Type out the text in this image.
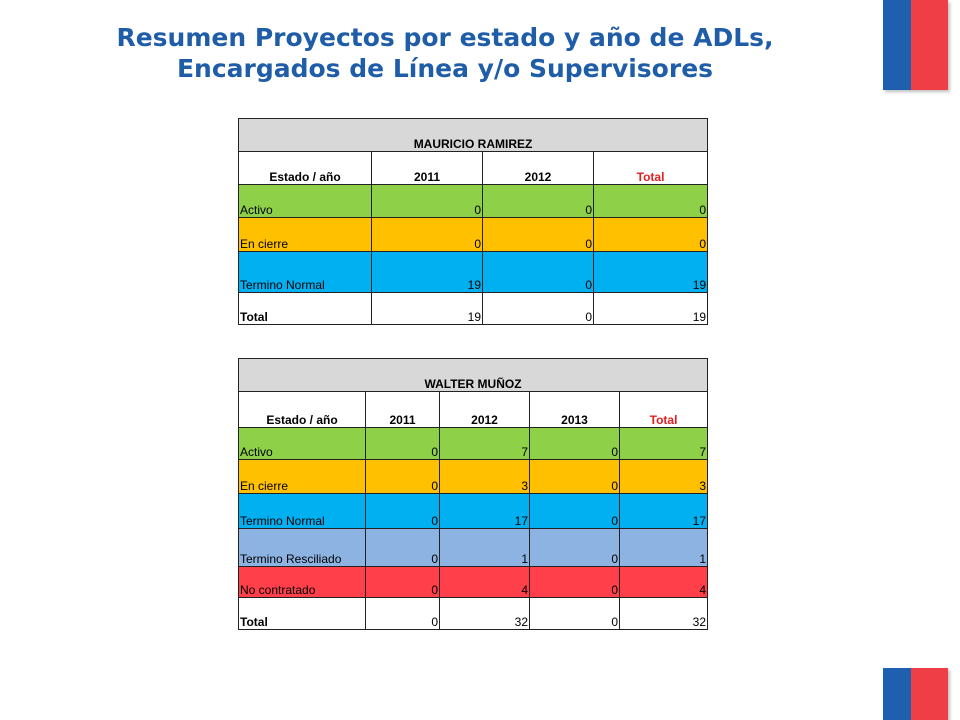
Resumen Proyectos por estado y año de ADLs,
Encargados de Línea y/o Supervisores
MAURICIO RAMIREZ			
Estado / año	2011	2012	Total
Activo	0	0	0
En cierre	0	0	0
Termino Normal	19	0	19
Total	19	0	19
WALTER MUÑOZ				
Estado / año	2011	2012	2013	Total
Activo	0	7	0	7
En cierre	0	3	0	3
Termino Normal	0	17	0	17
Termino Resciliado	0	1	0	1
No contratado	0	4	0	4
Total	0	32	0	32
